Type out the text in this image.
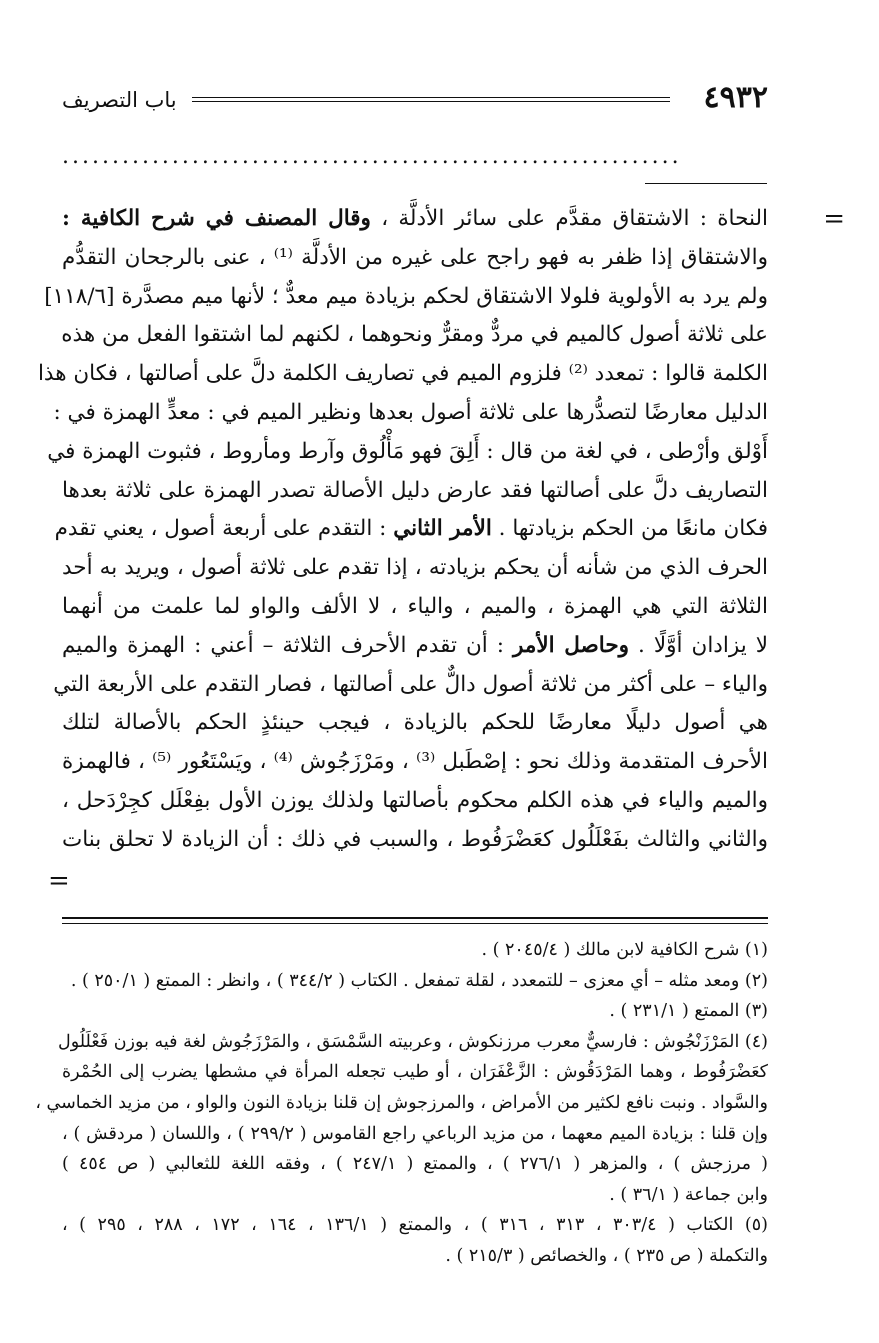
٤٩٣٢
باب التصريف
..............................................................
=
النحاة : الاشتقاق مقدَّم على سائر الأدلَّة ، وقال المصنف في شرح الكافية :
والاشتقاق إذا ظفر به فهو راجح على غيره من الأدلَّة ⁽¹⁾ ، عنى بالرجحان التقدُّم
ولم يرد به الأولوية فلولا الاشتقاق لحكم بزيادة ميم معدٌّ ؛ لأنها ميم مصدَّرة [١١٨/٦]
على ثلاثة أصول كالميم في مردٌّ ومقرٌّ ونحوهما ، لكنهم لما اشتقوا الفعل من هذه
الكلمة قالوا : تمعدد ⁽²⁾ فلزوم الميم في تصاريف الكلمة دلَّ على أصالتها ، فكان هذا
الدليل معارضًا لتصدُّرها على ثلاثة أصول بعدها ونظير الميم في : معدٍّ الهمزة في :
أَوْلق وأرْطى ، في لغة من قال : أَلِقَ فهو مَأْلُوق وآرط ومأروط ، فثبوت الهمزة في
التصاريف دلَّ على أصالتها فقد عارض دليل الأصالة تصدر الهمزة على ثلاثة بعدها
فكان مانعًا من الحكم بزيادتها . الأمر الثاني : التقدم على أربعة أصول ، يعني تقدم
الحرف الذي من شأنه أن يحكم بزيادته ، إذا تقدم على ثلاثة أصول ، ويريد به أحد
الثلاثة التي هي الهمزة ، والميم ، والياء ، لا الألف والواو لما علمت من أنهما
لا يزادان أوَّلًا . وحاصل الأمر : أن تقدم الأحرف الثلاثة – أعني : الهمزة والميم
والياء – على أكثر من ثلاثة أصول دالٌّ على أصالتها ، فصار التقدم على الأربعة التي
هي أصول دليلًا معارضًا للحكم بالزيادة ، فيجب حينئذٍ الحكم بالأصالة لتلك
الأحرف المتقدمة وذلك نحو : إصْطَبل ⁽³⁾ ، ومَرْزَجُوش ⁽⁴⁾ ، ويَسْتَعُور ⁽⁵⁾ ، فالهمزة
والميم والياء في هذه الكلم محكوم بأصالتها ولذلك يوزن الأول بفِعْلَل كجِرْدَحل ،
والثاني والثالث بفَعْلَلُول كعَضْرَفُوط ، والسبب في ذلك : أن الزيادة لا تحلق بنات
=
(١) شرح الكافية لابن مالك ( ٢٠٤٥/٤ ) .
(٢) ومعد مثله – أي معزى – للتمعدد ، لقلة تمفعل . الكتاب ( ٣٤٤/٢ ) ، وانظر : الممتع ( ٢٥٠/١ ) .
(٣) الممتع ( ٢٣١/١ ) .
(٤) المَرْزَنْجُوش : فارسيٌّ معرب مرزنكوش ، وعربيته السَّمْسَق ، والمَرْزَجُوش لغة فيه بوزن فَعْلَلُول
كعَضْرَفُوط ، وهما المَرْدَقُوش : الزَّعْفَرَان ، أو طيب تجعله المرأة في مشطها يضرب إلى الحُمْرة
والسَّواد . ونبت نافع لكثير من الأمراض ، والمرزجوش إن قلنا بزيادة النون والواو ، من مزيد الخماسي ،
وإن قلنا : بزيادة الميم معهما ، من مزيد الرباعي راجع القاموس ( ٢٩٩/٢ ) ، واللسان ( مردقش ) ،
( مرزجش ) ، والمزهر ( ٢٧٦/١ ) ، والممتع ( ٢٤٧/١ ) ، وفقه اللغة للثعالبي ( ص ٤٥٤ )
وابن جماعة ( ٣٦/١ ) .
(٥) الكتاب ( ٣٠٣/٤ ، ٣١٣ ، ٣١٦ ) ، والممتع ( ١٣٦/١ ، ١٦٤ ، ١٧٢ ، ٢٨٨ ، ٢٩٥ ) ،
والتكملة ( ص ٢٣٥ ) ، والخصائص ( ٢١٥/٣ ) .
